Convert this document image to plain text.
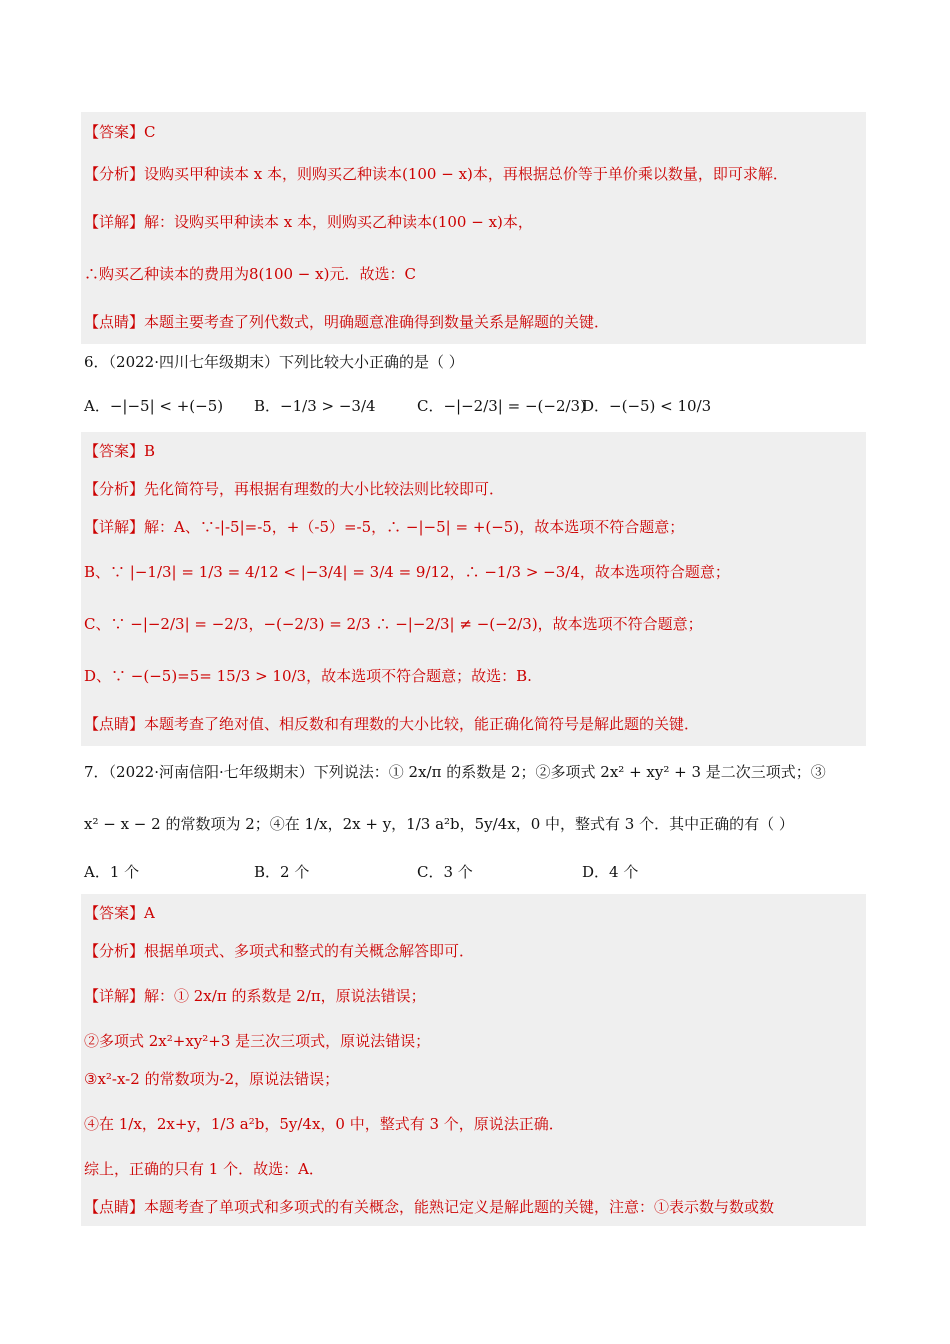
【答案】C
【分析】设购买甲种读本 x 本，则购买乙种读本(100 − x)本，再根据总价等于单价乘以数量，即可求解．
【详解】解：设购买甲种读本 x 本，则购买乙种读本(100 − x)本，
∴购买乙种读本的费用为8(100 − x)元．故选：C
【点睛】本题主要考查了列代数式，明确题意准确得到数量关系是解题的关键．
6．（2022·四川七年级期末）下列比较大小正确的是（ ）
A．−|−5| < +(−5) B．−1/3 > −3/4	C．−|−2/3| = −(−2/3)
D．−(−5) < 10/3
【答案】B
【分析】先化简符号，再根据有理数的大小比较法则比较即可．
【详解】解：A、∵-|-5|=-5，+（-5）=-5，∴ −|−5| = +(−5)，故本选项不符合题意；
B、∵ |−1/3| = 1/3 = 4/12 < |−3/4| = 3/4 = 9/12，∴ −1/3 > −3/4，故本选项符合题意；
C、∵ −|−2/3| = −2/3，−(−2/3) = 2/3 ∴ −|−2/3| ≠ −(−2/3)，故本选项不符合题意；
D、∵ −(−5)=5= 15/3 > 10/3，故本选项不符合题意；故选：B.
【点睛】本题考查了绝对值、相反数和有理数的大小比较，能正确化简符号是解此题的关键．
7．（2022·河南信阳·七年级期末）下列说法：① 2x/π 的系数是 2；②多项式 2x² + xy² + 3 是二次三项式；③
x² − x − 2 的常数项为 2；④在 1/x，2x + y，1/3 a²b，5y/4x，0 中，整式有 3 个．其中正确的有（ ）
A．1 个	B．2 个	C．3 个	D．4 个
【答案】A
【分析】根据单项式、多项式和整式的有关概念解答即可．
【详解】解：① 2x/π 的系数是 2/π，原说法错误；
②多项式 2x²+xy²+3 是三次三项式，原说法错误；
③x²-x-2 的常数项为-2，原说法错误；
④在 1/x，2x+y，1/3 a²b，5y/4x，0 中，整式有 3 个，原说法正确．
综上，正确的只有 1 个．故选：A．
【点睛】本题考查了单项式和多项式的有关概念，能熟记定义是解此题的关键，注意：①表示数与数或数
